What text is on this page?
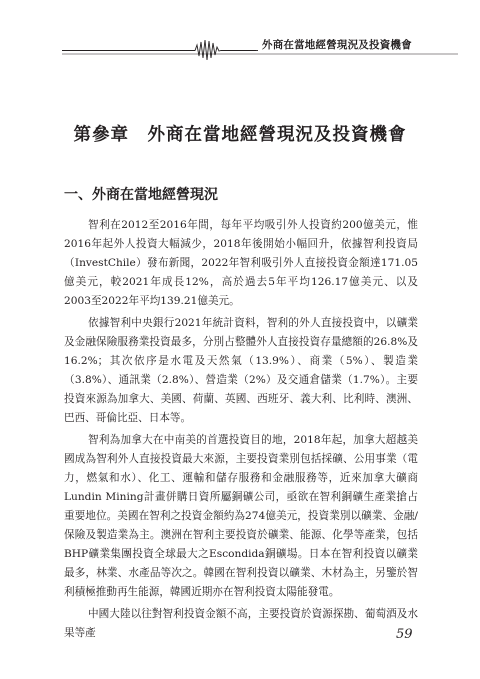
外商在當地經營現況及投資機會
第參章　外商在當地經營現況及投資機會
一、外商在當地經營現況

智利在2012至2016年間，每年平均吸引外人投資約200億美元，惟2016年起外人投資大幅減少，2018年後開始小幅回升，依據智利投資局（InvestChile）發布新聞，2022年智利吸引外人直接投資金額達171.05億美元，較2021年成長12%，高於過去5年平均126.17億美元、以及2003至2022年平均139.21億美元。

依據智利中央銀行2021年統計資料，智利的外人直接投資中，以礦業及金融保險服務業投資最多，分別占整體外人直接投資存量總額的26.8%及16.2%；其次依序是水電及天然氣（13.9%）、商業（5%）、製造業（3.8%）、通訊業（2.8%）、營造業（2%）及交通倉儲業（1.7%）。主要投資來源為加拿大、美國、荷蘭、英國、西班牙、義大利、比利時、澳洲、巴西、哥倫比亞、日本等。

智利為加拿大在中南美的首選投資目的地，2018年起，加拿大超越美國成為智利外人直接投資最大來源，主要投資業別包括採礦、公用事業（電力，燃氣和水）、化工、運輸和儲存服務和金融服務等，近來加拿大礦商Lundin Mining計畫併購日資所屬銅礦公司，亟欲在智利銅礦生產業搶占重要地位。美國在智利之投資金額約為274億美元，投資業別以礦業、金融/保險及製造業為主。澳洲在智利主要投資於礦業、能源、化學等產業，包括BHP礦業集團投資全球最大之Escondida銅礦場。日本在智利投資以礦業最多，林業、水產品等次之。韓國在智利投資以礦業、木材為主，另鑒於智利積極推動再生能源，韓國近期亦在智利投資太陽能發電。

中國大陸以往對智利投資金額不高，主要投資於資源探勘、葡萄酒及水果等產	59
